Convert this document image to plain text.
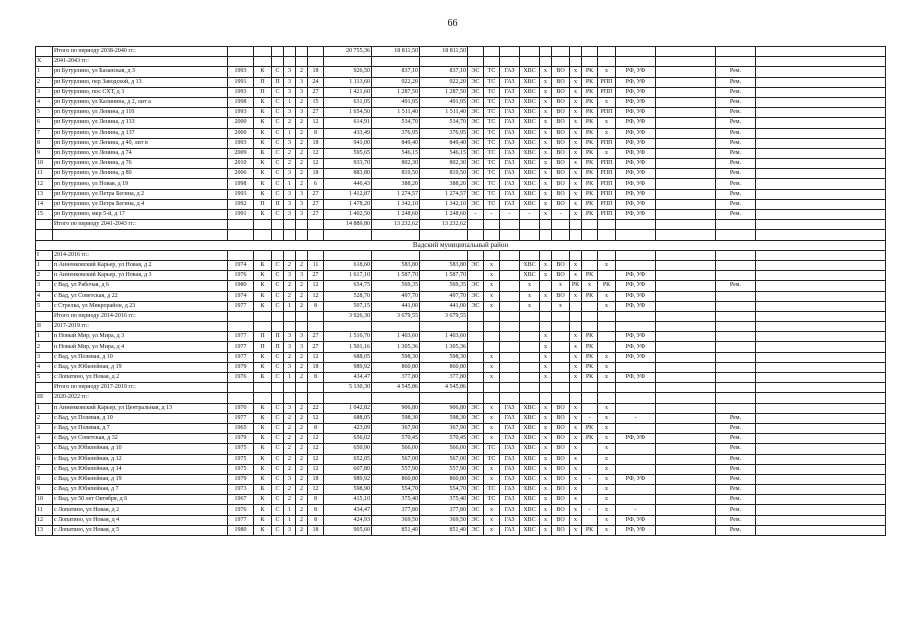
66
	Итого по периоду 2038-2040 гг.:							20 755,36	18 811,50	18 811,50													
X	2041-2043 гг.:																						
1	рп Бутурлино, ул Базанская, д 3	1993	К	С	3	2	18	926,50	837,10	837,10	ЭС	ТС	ГАЗ	ХВС	х	ВО	х	РК	х	РФ, УФ		Рем.	
2	рп Бутурлино, пер Заводской, д 13	1991	П	П	3	3	24	1 113,60	922,20	922,20	ЭС	ТС	ГАЗ	ХВС	х	ВО	х	РК	РПП	РФ, УФ		Рем.	
3	рп Бутурлино, пос СХТ, д 3	1993	П	С	3	3	27	1 421,60	1 287,50	1 287,50	ЭС	ТС	ГАЗ	ХВС	х	ВО	х	РК	РПП	РФ, УФ		Рем.	
4	рп Бутурлино, ул Калинина, д 2, лит а	1998	К	С	1	2	15	631,05	491,95	491,95	ЭС	ТС	ГАЗ	ХВС	х	ВО	х	РК	х	РФ, УФ		Рем.	
5	рп Бутурлино, ул Ленина, д 110	1993	К	С	3	3	27	1 654,50	1 511,40	1 511,40	ЭС	ТС	ГАЗ	ХВС	х	ВО	х	РК	РПП	РФ, УФ		Рем.	
6	рп Бутурлино, ул Ленина, д 133	2000	К	С	2	2	12	614,91	534,70	534,70	ЭС	ТС	ГАЗ	ХВС	х	ВО	х	РК	х	РФ, УФ		Рем.	
7	рп Бутурлино, ул Ленина, д 137	2000	К	С	1	2	8	433,49	376,95	376,95	ЭС	ТС	ГАЗ	ХВС	х	ВО	х	РК	х	РФ, УФ		Рем.	
8	рп Бутурлино, ул Ленина, д 40, лит в	1993	К	С	3	2	18	941,00	849,40	849,40	ЭС	ТС	ГАЗ	ХВС	х	ВО	х	РК	РПП	РФ, УФ		Рем.	
9	рп Бутурлино, ул Ленина, д 74	2009	К	С	2	2	12	595,65	546,15	546,15	ЭС	ТС	ГАЗ	ХВС	х	ВО	х	РК	х	РФ, УФ		Рем.	
10	рп Бутурлино, ул Ленина, д 76	2010	К	С	2	2	12	933,70	802,30	802,30	ЭС	ТС	ГАЗ	ХВС	х	ВО	х	РК	РПП	РФ, УФ		Рем.	
11	рп Бутурлино, ул Ленина, д 80	2006	К	С	3	2	18	883,80	819,50	819,50	ЭС	ТС	ГАЗ	ХВС	х	ВО	х	РК	РПП	РФ, УФ		Рем.	
12	рп Бутурлино, ул Новая, д 19	1998	К	С	1	2	6	446,43	388,20	388,20	ЭС	ТС	ГАЗ	ХВС	х	ВО	х	РК	РПП	РФ, УФ		Рем.	
13	рп Бутурлино, ул Петра Бегина, д 2	1993	К	С	3	3	27	1 412,87	1 274,57	1 274,57	ЭС	ТС	ГАЗ	ХВС	х	ВО	х	РК	РПП	РФ, УФ		Рем.	
14	рп Бутурлино, ул Петра Бегина, д 4	1992	П	П	3	3	27	1 478,20	1 342,10	1 342,10	ЭС	ТС	ГАЗ	ХВС	х	ВО	х	РК	РПП	РФ, УФ		Рем.	
15	рп Бутурлино, мкр 5-й, д 17	1991	К	С	3	3	27	1 402,50	1 248,60	1 248,60	-	-	-	-	х	-	х	РК	РПП	РФ, УФ		Рем.	
	Итого по периоду 2041-2043 гг.:							14 889,80	13 232,62	13 232,62													

Вадский муниципальный район																							
I	2014-2016 гг.:																						
1	п Анненковский Карьер, ул Новая, д 2	1974	К	С	2	2	11	618,60	583,80	583,80	ЭС	х		ХВС	х	ВО	х		х				
2	п Анненковский Карьер, ул Новая, д 3	1976	К	С	3	3	27	1 617,10	1 587,70	1 587,70		х		ХВС	х	ВО	х	РК		РФ, УФ			
3	с Вад, ул Рабочая, д 6	1980	К	С	2	2	12	654,75	569,35	569,35	ЭС	х		х		х	РК	х	РК	РФ, УФ		Рем.	
4	с Вад, ул Советская, д 22	1974	К	С	2	2	12	528,70	497,70	497,70	ЭС	х		х	х	ВО	х	РК	х	РФ, УФ			
5	с Стрелка, ул Микрорайон, д 23	1977	К	С	1	2	8	507,15	441,00	441,00	ЭС	х		х		х			х	РФ, УФ			
	Итого по периоду 2014-2016 гг.:							3 926,30	3 679,55	3 679,55													
II	2017-2019 гг.:																						
1	п Новый Мир, ул Мира, д 3	1977	П	П	3	3	27	1 516,70	1 403,60	1 403,60					х		х	РК		РФ, УФ			
2	п Новый Мир, ул Мира, д 4	1977	П	П	3	3	27	1 501,16	1 305,36	1 305,36					х		х	РК		РФ, УФ			
3	с Вад, ул Полевая, д 10	1977	К	С	2	2	12	688,05	598,30	598,30		х			х		х	РК	х	РФ, УФ			
4	с Вад, ул Юбилейная, д 19	1979	К	С	3	2	18	989,92	860,80	860,80		х			х		х	РК	х				
5	с Лопатино, ул Новая, д 2	1976	К	С	1	2	8	434,47	377,80	377,80		х			х		х	РК	х	РФ, УФ			
	Итого по периоду 2017-2019 гг.:							5 130,30	4 545,86	4 545,86													
III	2020-2022 гг.:																						
1	п Анненковский Карьер, ул Центральная, д 13	1970	К	С	3	2	22	1 042,82	906,80	906,80	ЭС	х	ГАЗ	ХВС	х	ВО	х		х				
2	с Вад, ул Полевая, д 10	1977	К	С	2	2	12	688,05	598,30	598,30	ЭС	х	ГАЗ	ХВС	х	ВО	х	-	х	-		Рем.	
3	с Вад, ул Полевая, д 7	1965	К	С	2	2	8	423,09	367,90	367,90	ЭС	х	ГАЗ	ХВС	х	ВО	х	РК	х			Рем.	
4	с Вад, ул Советская, д 32	1979	К	С	2	2	12	656,02	570,45	570,45	ЭС	х	ГАЗ	ХВС	х	ВО	х	РК	х	РФ, УФ		Рем.	
5	с Вад, ул Юбилейная, д 10	1975	К	С	2	2	12	650,90	566,00	566,00	ЭС	ТС	ГАЗ	ХВС	х	ВО	х		х			Рем.	
6	с Вад, ул Юбилейная, д 12	1975	К	С	2	2	12	652,05	567,00	567,00	ЭС	ТС	ГАЗ	ХВС	х	ВО	х		х			Рем.	
7	с Вад, ул Юбилейная, д 14	1975	К	С	2	2	12	607,80	557,90	557,90	ЭС	х	ГАЗ	ХВС	х	ВО	х		х			Рем.	
8	с Вад, ул Юбилейная, д 19	1979	К	С	3	2	18	989,92	860,80	860,80	ЭС	х	ГАЗ	ХВС	х	ВО	х	-	х	РФ, УФ		Рем.	
9	с Вад, ул Юбилейная, д 7	1973	К	С	2	2	12	598,90	554,70	554,70	ЭС	ТС	ГАЗ	ХВС	х	ВО	х		х			Рем.	
10	с Вад, ул 50 лет Октября, д 6	1967	К	С	2	2	8	415,10	375,40	375,40	ЭС	ТС	ГАЗ	ХВС	х	ВО	х		х			Рем.	
11	с Лопатино, ул Новая, д 2	1976	К	С	1	2	8	434,47	377,80	377,80	ЭС	х	ГАЗ	ХВС	х	ВО	х	-	х	-		Рем.	
12	с Лопатино, ул Новая, д 4	1977	К	С	1	2	8	424,93	369,50	369,50	ЭС	х	ГАЗ	ХВС	х	ВО	х		х	РФ, УФ		Рем.	
13	с Лопатино, ул Новая, д 5	1980	К	С	3	2	18	905,60	851,40	851,40	ЭС	х	ГАЗ	ХВС	х	ВО	х	РК	х	РФ, УФ		Рем.	
